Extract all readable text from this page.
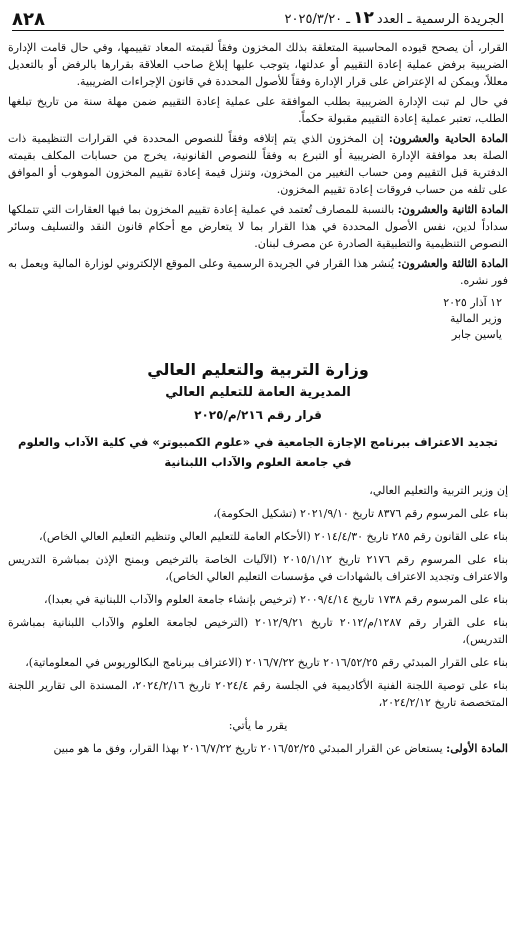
الجريدة الرسمية ـ العدد١٢ـ ٢٠٢٥/٣/٢٠
٨٢٨

القرار، أن يصحح قيوده المحاسبية المتعلقة بذلك المخزون وفقاً لقيمته المعاد تقييمها، وفي حال قامت الإدارة الضريبية برفض عملية إعادة التقييم أو عدلتها، يتوجب عليها إبلاغ صاحب العلاقة بقرارها بالرفض أو بالتعديل معللاً، ويمكن له الإعتراض على قرار الإدارة وفقاً للأصول المحددة في قانون الإجراءات الضريبية.

في حال لم تبت الإدارة الضريبية بطلب الموافقة على عملية إعادة التقييم ضمن مهلة سنة من تاريخ تبلغها الطلب، تعتبر عملية إعادة التقييم مقبولة حكماً.

المادة الحادية والعشرون: إن المخزون الذي يتم إتلافه وفقاً للنصوص المحددة في القرارات التنظيمية ذات الصلة بعد موافقة الإدارة الضريبية أو التبرع به وفقاً للنصوص القانونية، يخرج من حسابات المكلف بقيمته الدفترية قبل التقييم ومن حساب التغيير من المخزون، وتنزل قيمة إعادة تقييم المخزون الموهوب أو الموافق على تلفه من حساب فروقات إعادة تقييم المخزون.

المادة الثانية والعشرون: بالنسبة للمصارف تُعتمد في عملية إعادة تقييم المخزون بما فيها العقارات التي تتملكها سداداً لدين، نفس الأصول المحددة في هذا القرار بما لا يتعارض مع أحكام قانون النقد والتسليف وسائر النصوص التنظيمية والتطبيقية الصادرة عن مصرف لبنان.

المادة الثالثة والعشرون: يُنشر هذا القرار في الجريدة الرسمية وعلى الموقع الإلكتروني لوزارة المالية ويعمل به فور نشره.

١٢ آذار ٢٠٢٥
وزير المالية
ياسين جابر
وزارة التربية والتعليم العالي
المديرية العامة للتعليم العالي
قرار رقم ٢١٦/م/٢٠٢٥
تجديد الاعتراف ببرنامج الإجازة الجامعية في «علوم الكمبيوتر» في كلية الآداب والعلوم في جامعة العلوم والآداب اللبنانية

إن وزير التربية والتعليم العالي،

بناء على المرسوم رقم ٨٣٧٦ تاريخ ٢٠٢١/٩/١٠ (تشكيل الحكومة)،

بناء على القانون رقم ٢٨٥ تاريخ ٢٠١٤/٤/٣٠ (الأحكام العامة للتعليم العالي وتنظيم التعليم العالي الخاص)،

بناء على المرسوم رقم ٢١٧٦ تاريخ ٢٠١٥/١/١٢ (الآليات الخاصة بالترخيص وبمنح الإذن بمباشرة التدريس والاعتراف وتجديد الاعتراف بالشهادات في مؤسسات التعليم العالي الخاص)،

بناء على المرسوم رقم ١٧٣٨ تاريخ ٢٠٠٩/٤/١٤ (ترخيص بإنشاء جامعة العلوم والآداب اللبنانية في بعبدا)،

بناء على القرار رقم ١٢٨٧/م/٢٠١٢ تاريخ ٢٠١٢/٩/٢١ (الترخيص لجامعة العلوم والآداب اللبنانية بمباشرة التدريس)،

بناء على القرار المبدئي رقم ٢٠١٦/٥٢/٢٥ تاريخ ٢٠١٦/٧/٢٢ (الاعتراف ببرنامج البكالوريوس في المعلوماتية)،

بناء على توصية اللجنة الفنية الأكاديمية في الجلسة رقم ٢٠٢٤/٤ تاريخ ٢٠٢٤/٢/١٦، المسندة الى تقارير اللجنة المتخصصة تاريخ ٢٠٢٤/٢/١٢،

يقرر ما يأتي:

المادة الأولى: يستعاض عن القرار المبدئي ٢٠١٦/٥٢/٢٥ تاريخ ٢٠١٦/٧/٢٢ بهذا القرار، وفق ما هو مبين
